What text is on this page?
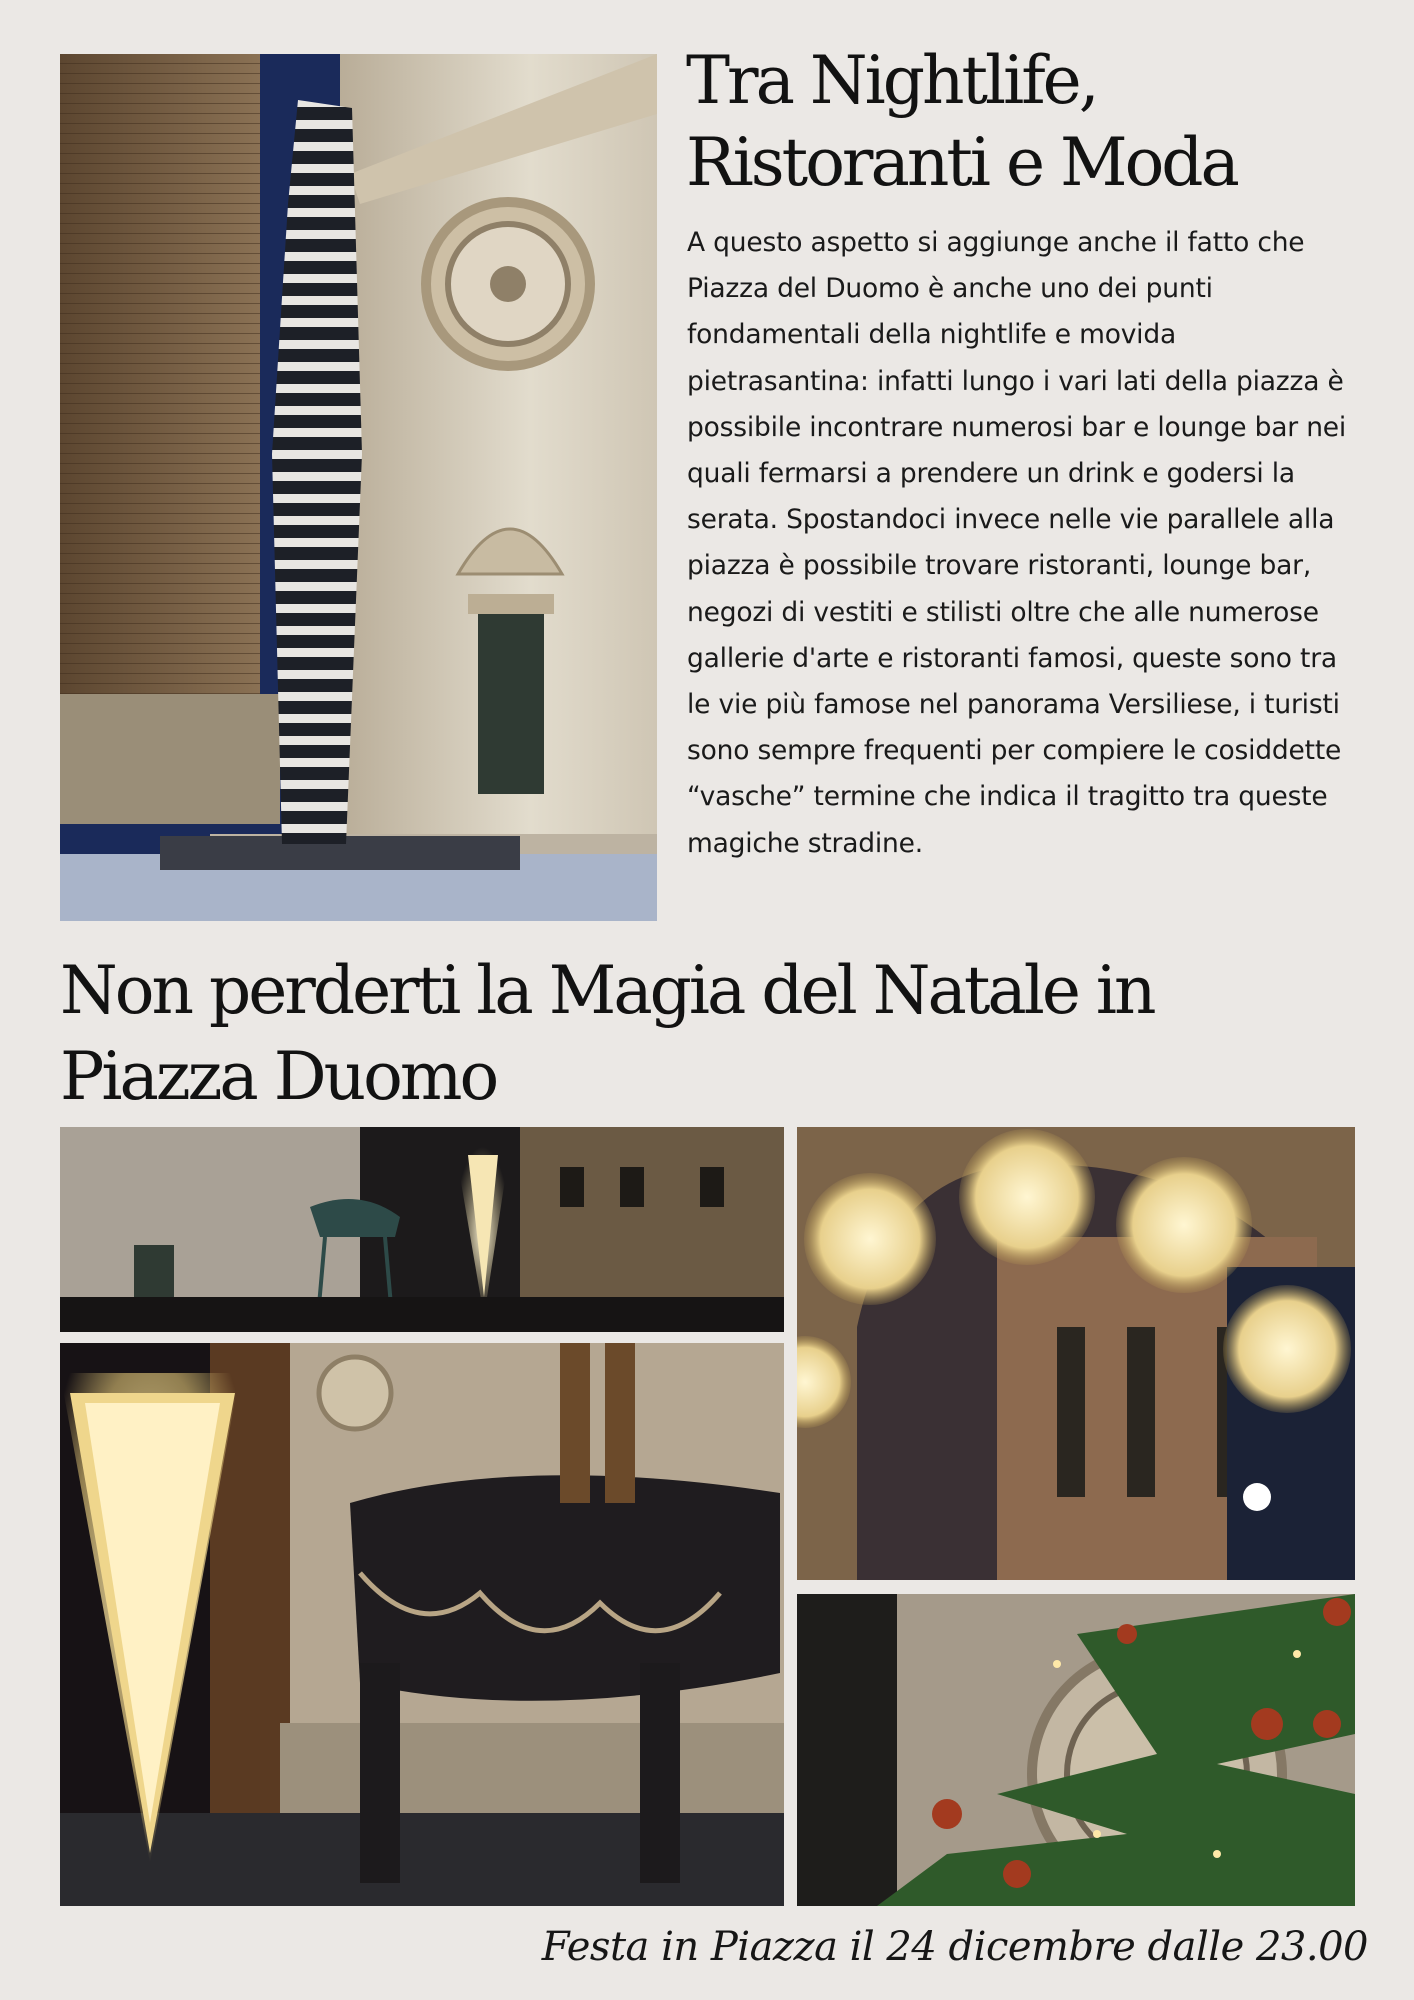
Tra Nightlife, Ristoranti e Moda

A questo aspetto si aggiunge anche il fatto che Piazza del Duomo è anche uno dei punti fondamentali della nightlife e movida pietrasantina: infatti lungo i vari lati della piazza è possibile incontrare numerosi bar e lounge bar nei quali fermarsi a prendere un drink e godersi la serata. Spostandoci invece nelle vie parallele alla piazza è possibile trovare ristoranti, lounge bar, negozi di vestiti e stilisti oltre che alle numerose gallerie d'arte e ristoranti famosi, queste sono tra le vie più famose nel panorama Versiliese, i turisti sono sempre frequenti per compiere le cosiddette “vasche” termine che indica il tragitto tra queste magiche stradine.

Non perderti la Magia del Natale in Piazza Duomo
Festa in Piazza il 24 dicembre dalle 23.00
